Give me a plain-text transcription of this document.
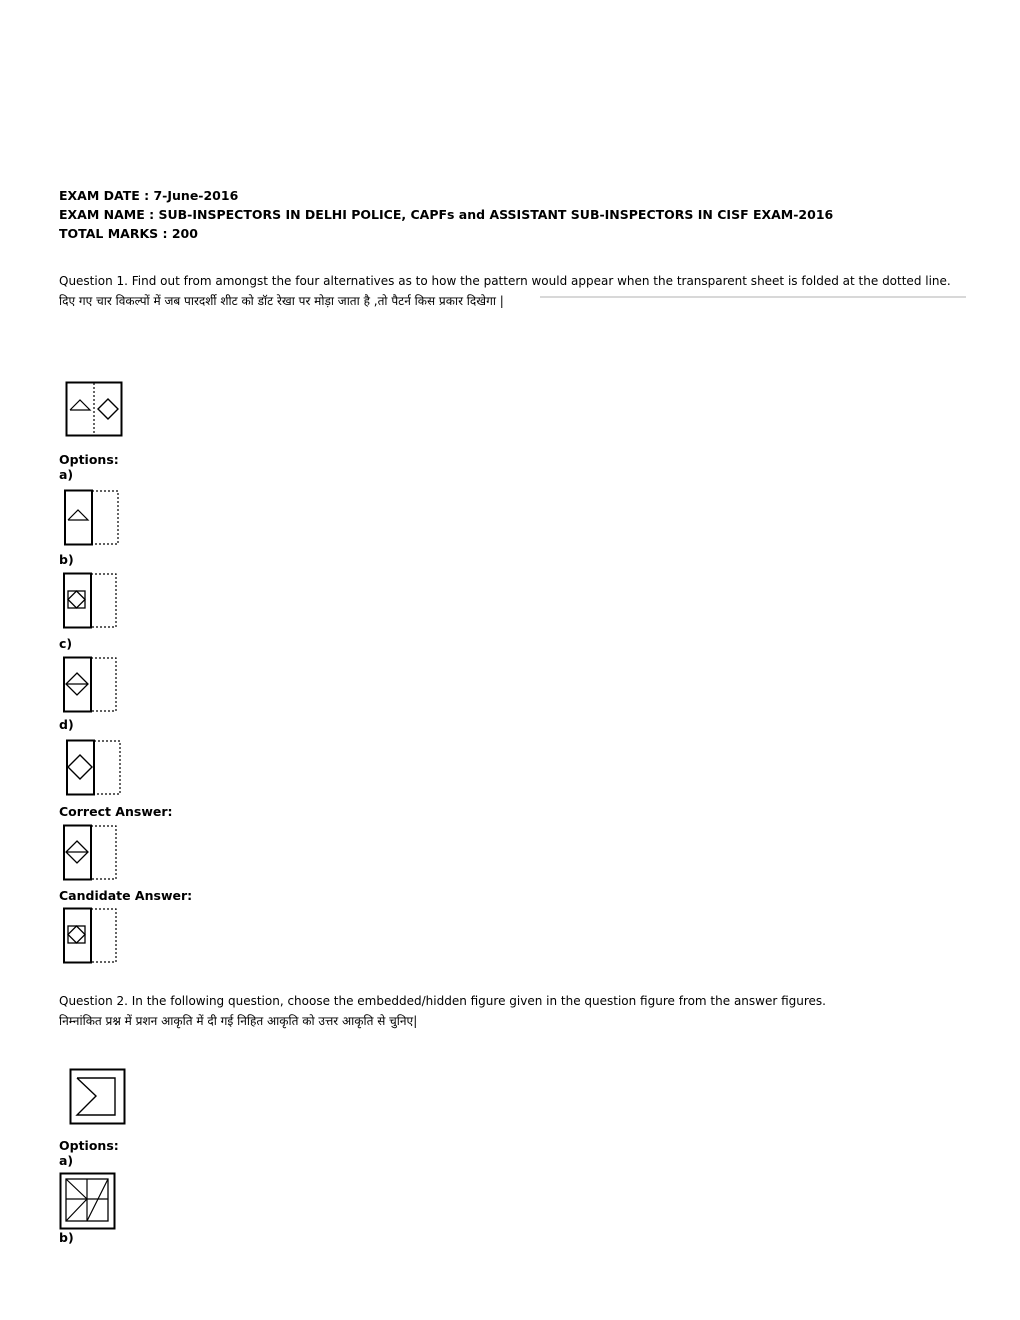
EXAM DATE : 7-June-2016
EXAM NAME : SUB-INSPECTORS IN DELHI POLICE, CAPFs and ASSISTANT SUB-INSPECTORS IN CISF EXAM-2016
TOTAL MARKS : 200
Question 1. Find out from amongst the four alternatives as to how the pattern would appear when the transparent sheet is folded at the dotted line.
दिए गए चार विकल्पों में जब पारदर्शी शीट को डॉट रेखा पर मोड़ा जाता है ,तो पैटर्न किस प्रकार दिखेगा |
Options:
a)
b)
c)
d)
Correct Answer:
Candidate Answer:
Question 2. In the following question, choose the embedded/hidden figure given in the question figure from the answer figures.
निम्नांकित प्रश्न में प्रशन आकृति में दी गई निहित आकृति को उत्तर आकृति से चुनिए|
Options:
a)
b)
